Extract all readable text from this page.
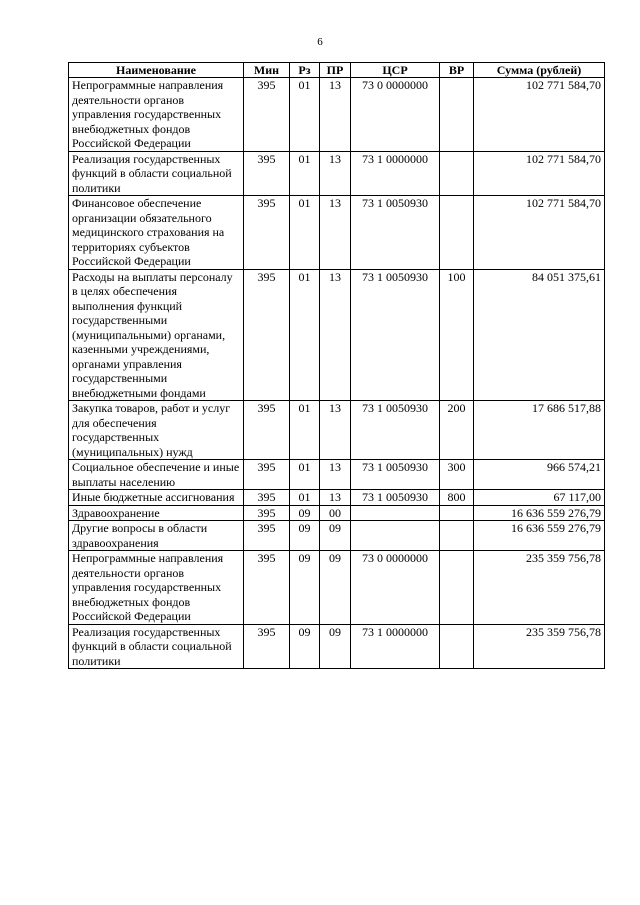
6
Наименование	Мин	Рз	ПР	ЦСР	ВР	Сумма (рублей)
Непрограммные направления деятельности органов управления государственных внебюджетных фондов Российской Федерации	395	01	13	73 0 0000000		102 771 584,70
Реализация государственных функций в области социальной политики	395	01	13	73 1 0000000		102 771 584,70
Финансовое обеспечение организации обязательного медицинского страхования на территориях субъектов Российской Федерации	395	01	13	73 1 0050930		102 771 584,70
Расходы на выплаты персоналу в целях обеспечения выполнения функций государственными (муниципальными) органами, казенными учреждениями, органами управления государственными внебюджетными фондами	395	01	13	73 1 0050930	100	84 051 375,61
Закупка товаров, работ и услуг для обеспечения государственных (муниципальных) нужд	395	01	13	73 1 0050930	200	17 686 517,88
Социальное обеспечение и иные выплаты населению	395	01	13	73 1 0050930	300	966 574,21
Иные бюджетные ассигнования	395	01	13	73 1 0050930	800	67 117,00
Здравоохранение	395	09	00			16 636 559 276,79
Другие вопросы в области здравоохранения	395	09	09			16 636 559 276,79
Непрограммные направления деятельности органов управления государственных внебюджетных фондов Российской Федерации	395	09	09	73 0 0000000		235 359 756,78
Реализация государственных функций в области социальной политики	395	09	09	73 1 0000000		235 359 756,78
